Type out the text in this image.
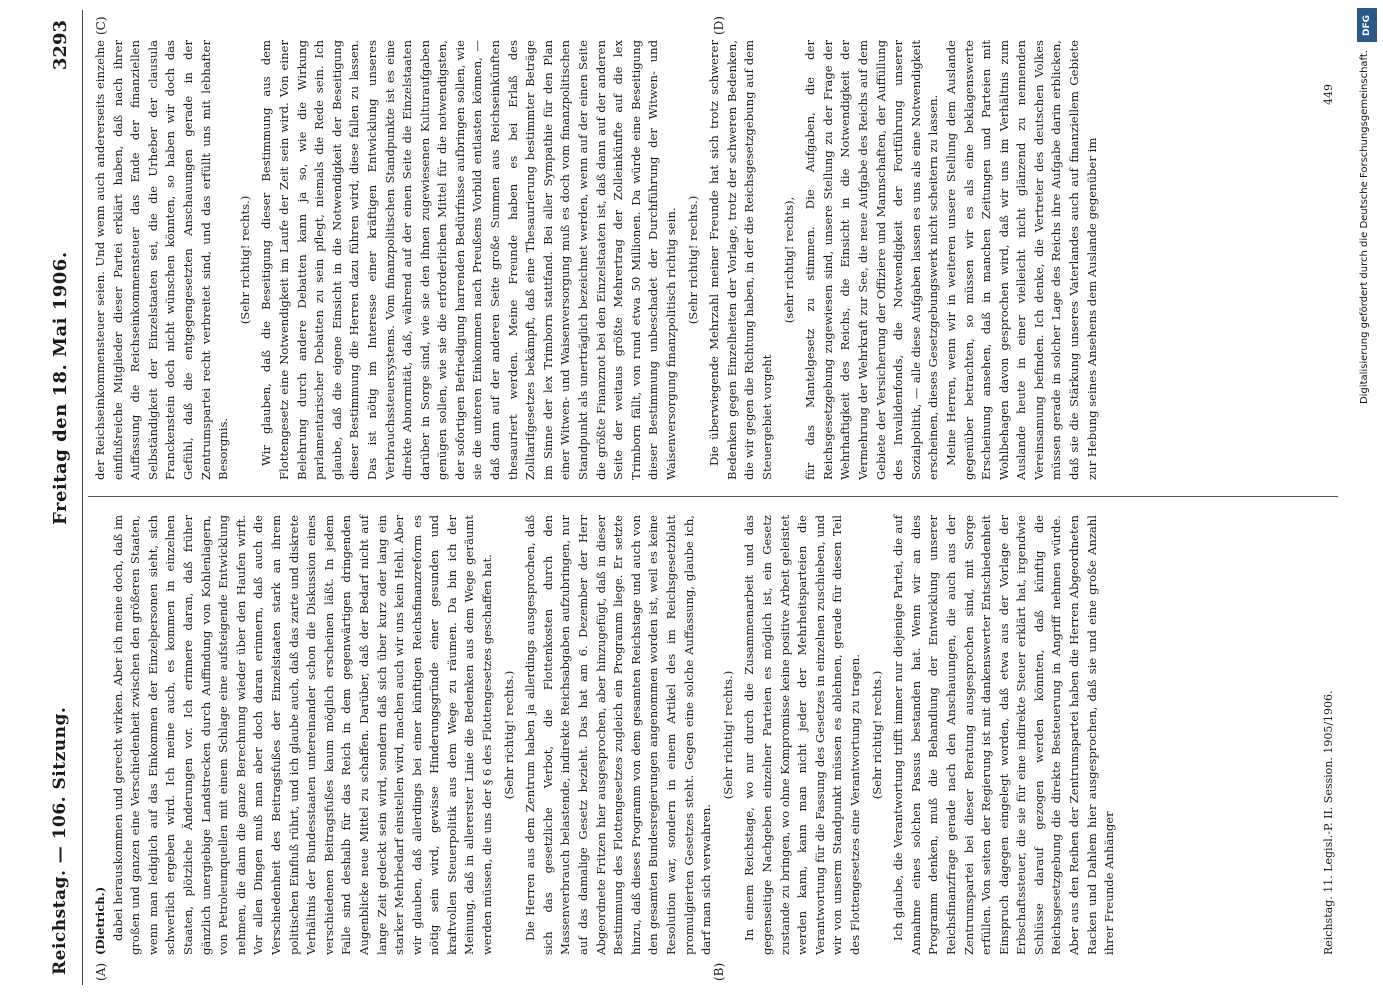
Reichstag. — 106. Sitzung.
Freitag den 18. Mai 1906.
3293
(A)	(B)
(C)	(D)

(Dietrich.) dabei herauskommen und gerecht wirken. Aber ich meine doch, daß im großen und ganzen eine Verschiedenheit zwischen den größeren Staaten, wenn man lediglich auf das Einkommen der Einzelpersonen sieht, sich schwerlich ergeben wird. Ich meine auch, es kommen in einzelnen Staaten, plötzliche Änderungen vor. Ich erinnere daran, daß früher gänzlich unergiebige Landstrecken durch Auffindung von Kohlenlagern, von Petroleumquellen mit einem Schlage eine aufsteigende Entwicklung nehmen, die dann die ganze Berechnung wieder über den Haufen wirft. Vor allen Dingen muß man aber doch daran erinnern, daß auch die Verschiedenheit des Beitragsfußes der Einzelstaaten stark an ihrem politischen Einfluß rührt, und ich glaube auch, daß das zarte und diskrete Verhältnis der Bundesstaaten untereinander schon die Diskussion eines verschiedenen Beitragsfußes kaum möglich erscheinen läßt. In jedem Falle sind deshalb für das Reich in dem gegenwärtigen dringenden Augenblicke neue Mittel zu schaffen. Darüber, daß der Bedarf nicht auf lange Zeit gedeckt sein wird, sondern daß sich über kurz oder lang ein starker Mehrbedarf einstellen wird, machen auch wir uns kein Hehl. Aber wir glauben, daß allerdings bei einer künftigen Reichsfinanzreform es nötig sein wird, gewisse Hinderungsgründe einer gesunden und kraftvollen Steuerpolitik aus dem Wege zu räumen. Da bin ich der Meinung, daß in allererster Linie die Bedenken aus dem Wege geräumt werden müssen, die uns der § 6 des Flottengesetzes geschaffen hat. (Sehr richtig! rechts.) Die Herren aus dem Zentrum haben ja allerdings ausgesprochen, daß sich das gesetzliche Verbot, die Flottenkosten durch den Massenverbrauch belastende, indirekte Reichsabgaben aufzubringen, nur auf das damalige Gesetz bezieht. Das hat am 6. Dezember der Herr Abgeordnete Fritzen hier ausgesprochen, aber hinzugefügt, daß in dieser Bestimmung des Flottengesetzes zugleich ein Programm liege. Er setzte hinzu, daß dieses Programm von dem gesamten Reichstage und auch von den gesamten Bundesregierungen angenommen worden ist, weil es keine Resolution war, sondern in einem Artikel des im Reichsgesetzblatt promulgierten Gesetzes steht. Gegen eine solche Auffassung, glaube ich, darf man sich verwahren.

(Sehr richtig! rechts.) In einem Reichstage, wo nur durch die Zusammenarbeit und das gegenseitige Nachgeben einzelner Parteien es möglich ist, ein Gesetz zustande zu bringen, wo ohne Kompromisse keine positive Arbeit geleistet werden kann, kann man nicht jeder der Mehrheitsparteien die Verantwortung für die Fassung des Gesetzes in einzelnen zuschieben, und wir von unserm Standpunkt müssen es ablehnen, gerade für diesen Teil des Flottengesetzes eine Verantwortung zu tragen. (Sehr richtig! rechts.) Ich glaube, die Verantwortung trifft immer nur diejenige Partei, die auf Annahme eines solchen Passus bestanden hat. Wenn wir an dies Programm denken, muß die Behandlung der Entwicklung unserer Reichsfinanzfrage gerade nach den Anschauungen, die auch aus der Zentrumspartei bei dieser Beratung ausgesprochen sind, mit Sorge erfüllen. Von seiten der Regierung ist mit dankenswerter Entschiedenheit Einspruch dagegen eingelegt worden, daß etwa aus der Vorlage der Erbschaftssteuer, die sie für eine indirekte Steuer erklärt hat, irgendwie Schlüsse darauf gezogen werden könnten, daß künftig die Reichsgesetzgebung die direkte Besteuerung in Angriff nehmen würde. Aber aus den Reihen der Zentrumspartei haben die Herren Abgeordneten Racken und Dahlem hier ausgesprochen, daß sie und eine große Anzahl ihrer Freunde Anhänger

der Reichseinkommensteuer seien. Und wenn auch andererseits einzelne einflußreiche Mitglieder dieser Partei erklärt haben, daß nach ihrer Auffassung die Reichseinkommensteuer das Ende der finanziellen Selbständigkeit der Einzelstaaten sei, die die Urheber der clausula Franckenstein doch nicht wünschen könnten, so haben wir doch das Gefühl, daß die entgegengesetzten Anschauungen gerade in der Zentrumspartei recht verbreitet sind, und das erfüllt uns mit lebhafter Besorgnis.

(Sehr richtig! rechts.) Wir glauben, daß die Beseitigung dieser Bestimmung aus dem Flottengesetz eine Notwendigkeit im Laufe der Zeit sein wird. Von einer Belehrung durch andere Debatten kann ja so, wie die Wirkung parlamentarischer Debatten zu sein pflegt, niemals die Rede sein. Ich glaube, daß die eigene Einsicht in die Notwendigkeit der Beseitigung dieser Bestimmung die Herren dazu führen wird, diese fallen zu lassen. Das ist nötig im Interesse einer kräftigen Entwicklung unseres Verbrauchssteuersystems. Vom finanzpolitischen Standpunkte ist es eine direkte Abnormität, daß, während auf der einen Seite die Einzelstaaten darüber in Sorge sind, wie sie den ihnen zugewiesenen Kulturaufgaben genügen sollen, wie sie die erforderlichen Mittel für die notwendigsten, der sofortigen Befriedigung harrenden Bedürfnisse aufbringen sollen, wie sie die unteren Einkommen nach Preußens Vorbild entlasten können, — daß dann auf der anderen Seite große Summen aus Reichseinkünften thesauriert werden. Meine Freunde haben es bei Erlaß des Zolltarifgesetzes bekämpft, daß eine Thesaurierung bestimmter Beträge im Sinne der lex Trimborn stattfand. Bei aller Sympathie für den Plan einer Witwen- und Waisenversorgung muß es doch vom finanzpolitischen Standpunkt als unerträglich bezeichnet werden, wenn auf der einen Seite die größte Finanznot bei den Einzelstaaten ist, daß dann auf der anderen Seite der weitaus größte Mehrertrag der Zolleinkünfte auf die lex Trimborn fällt, von rund etwa 50 Millionen. Da würde eine Beseitigung dieser Bestimmung unbeschadet der Durchführung der Witwen- und Waisenversorgung finanzpolitisch richtig sein. (Sehr richtig! rechts.) Die überwiegende Mehrzahl meiner Freunde hat sich trotz schwerer Bedenken gegen Einzelheiten der Vorlage, trotz der schweren Bedenken, die wir gegen die Richtung haben, in der die Reichsgesetzgebung auf dem Steuergebiet vorgeht

(sehr richtig! rechts), für das Mantelgesetz zu stimmen. Die Aufgaben, die der Reichsgesetzgebung zugewiesen sind, unsere Stellung zu der Frage der Wehrhaftigkeit des Reichs, die Einsicht in die Notwendigkeit der Vermehrung der Wehrkraft zur See, die neue Aufgabe des Reichs auf dem Gebiete der Versicherung der Offiziere und Mannschaften, der Auffüllung des Invalidenfonds, die Notwendigkeit der Fortführung unserer Sozialpolitik, — alle diese Aufgaben lassen es uns als eine Notwendigkeit erscheinen, dieses Gesetzgebungswerk nicht scheitern zu lassen. Meine Herren, wenn wir in weiteren unsere Stellung dem Auslande gegenüber betrachten, so müssen wir es als eine beklagenswerte Erscheinung ansehen, daß in manchen Zeitungen und Parteien mit Wohlbehagen davon gesprochen wird, daß wir uns im Verhältnis zum Auslande heute in einer vielleicht nicht glänzend zu nennenden Vereinsamung befinden. Ich denke, die Vertreter des deutschen Volkes müssen gerade in solcher Lage des Reichs ihre Aufgabe darin erblicken, daß sie die Stärkung unseres Vaterlandes auch auf finanziellem Gebiete zur Hebung seines Ansehens dem Auslande gegenüber im

Reichstag. 11. Legisl.-P. II. Session. 1905/1906.
449
DFG
Digitalisierung gefördert durch die Deutsche Forschungsgemeinschaft.
